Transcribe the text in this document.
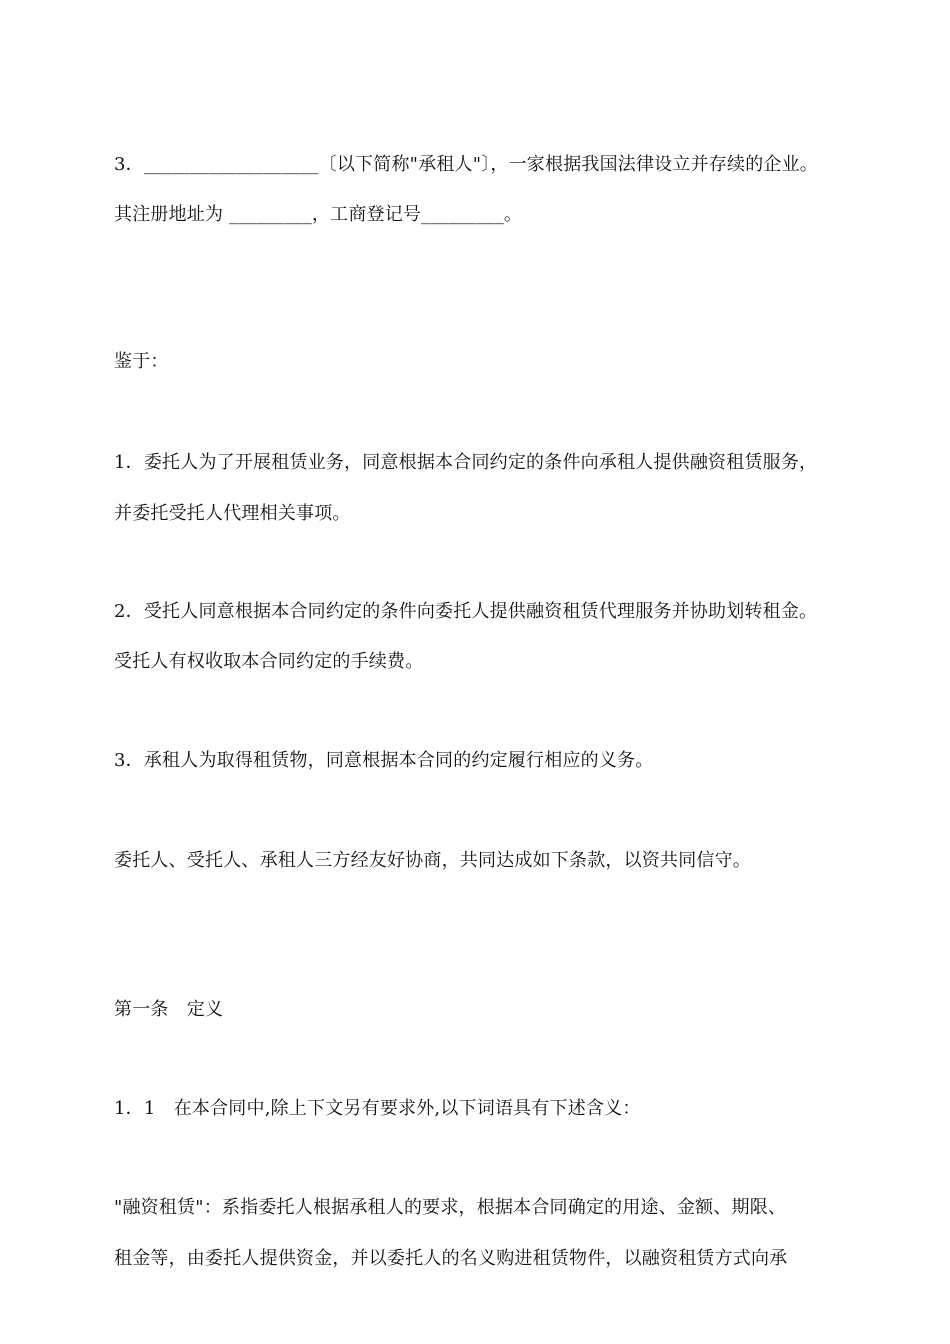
3．___________________〔以下简称"承租人"〕，一家根据我国法律设立并存续的企业。
其注册地址为 _________，工商登记号_________。
鉴于：
1．委托人为了开展租赁业务，同意根据本合同约定的条件向承租人提供融资租赁服务，
并委托受托人代理相关事项。
2．受托人同意根据本合同约定的条件向委托人提供融资租赁代理服务并协助划转租金。
受托人有权收取本合同约定的手续费。
3．承租人为取得租赁物，同意根据本合同的约定履行相应的义务。
委托人、受托人、承租人三方经友好协商，共同达成如下条款，以资共同信守。
第一条　定义
1．1　在本合同中,除上下文另有要求外,以下词语具有下述含义：
"融资租赁"：系指委托人根据承租人的要求，根据本合同确定的用途、金额、期限、
租金等，由委托人提供资金，并以委托人的名义购进租赁物件，以融资租赁方式向承
